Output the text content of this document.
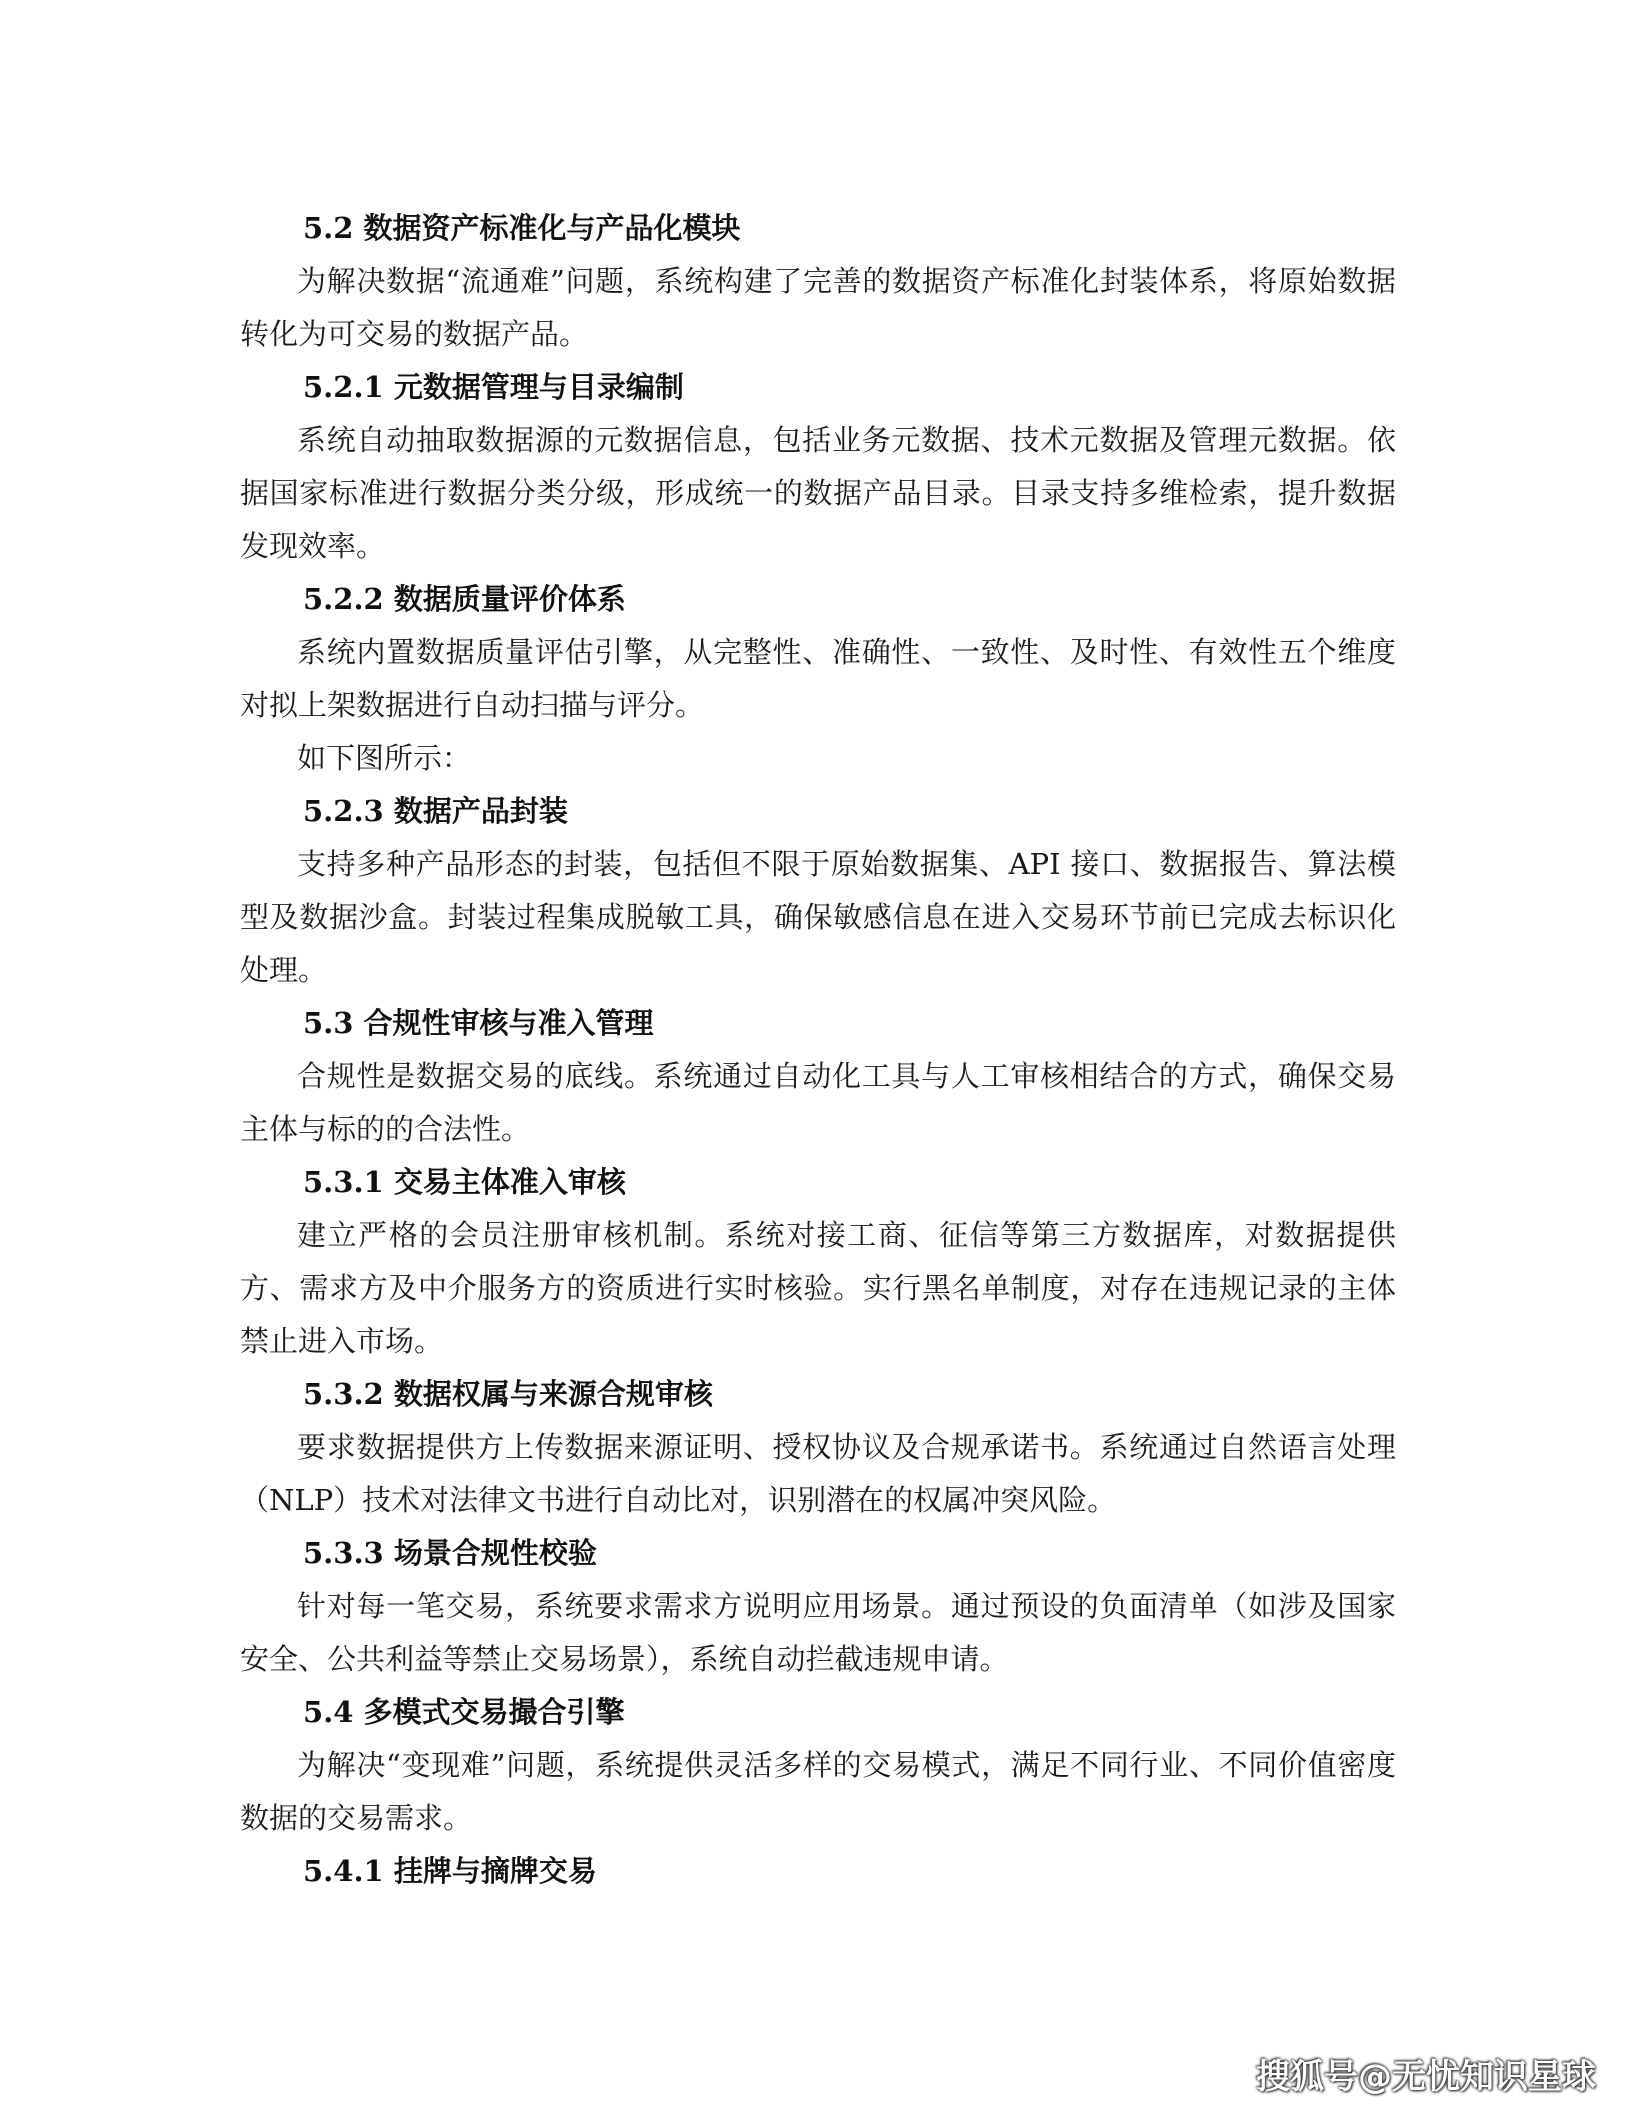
5.2 数据资产标准化与产品化模块

为解决数据“流通难”问题，系统构建了完善的数据资产标准化封装体系，将原始数据转化为可交易的数据产品。

5.2.1 元数据管理与目录编制

系统自动抽取数据源的元数据信息，包括业务元数据、技术元数据及管理元数据。依据国家标准进行数据分类分级，形成统一的数据产品目录。目录支持多维检索，提升数据发现效率。

5.2.2 数据质量评价体系

系统内置数据质量评估引擎，从完整性、准确性、一致性、及时性、有效性五个维度对拟上架数据进行自动扫描与评分。

如下图所示：

5.2.3 数据产品封装

支持多种产品形态的封装，包括但不限于原始数据集、API 接口、数据报告、算法模型及数据沙盒。封装过程集成脱敏工具，确保敏感信息在进入交易环节前已完成去标识化处理。

5.3 合规性审核与准入管理

合规性是数据交易的底线。系统通过自动化工具与人工审核相结合的方式，确保交易主体与标的的合法性。

5.3.1 交易主体准入审核

建立严格的会员注册审核机制。系统对接工商、征信等第三方数据库，对数据提供方、需求方及中介服务方的资质进行实时核验。实行黑名单制度，对存在违规记录的主体禁止进入市场。

5.3.2 数据权属与来源合规审核

要求数据提供方上传数据来源证明、授权协议及合规承诺书。系统通过自然语言处理（NLP）技术对法律文书进行自动比对，识别潜在的权属冲突风险。

5.3.3 场景合规性校验

针对每一笔交易，系统要求需求方说明应用场景。通过预设的负面清单（如涉及国家安全、公共利益等禁止交易场景），系统自动拦截违规申请。

5.4 多模式交易撮合引擎

为解决“变现难”问题，系统提供灵活多样的交易模式，满足不同行业、不同价值密度数据的交易需求。

5.4.1 挂牌与摘牌交易
搜狐号@无忧知识星球
